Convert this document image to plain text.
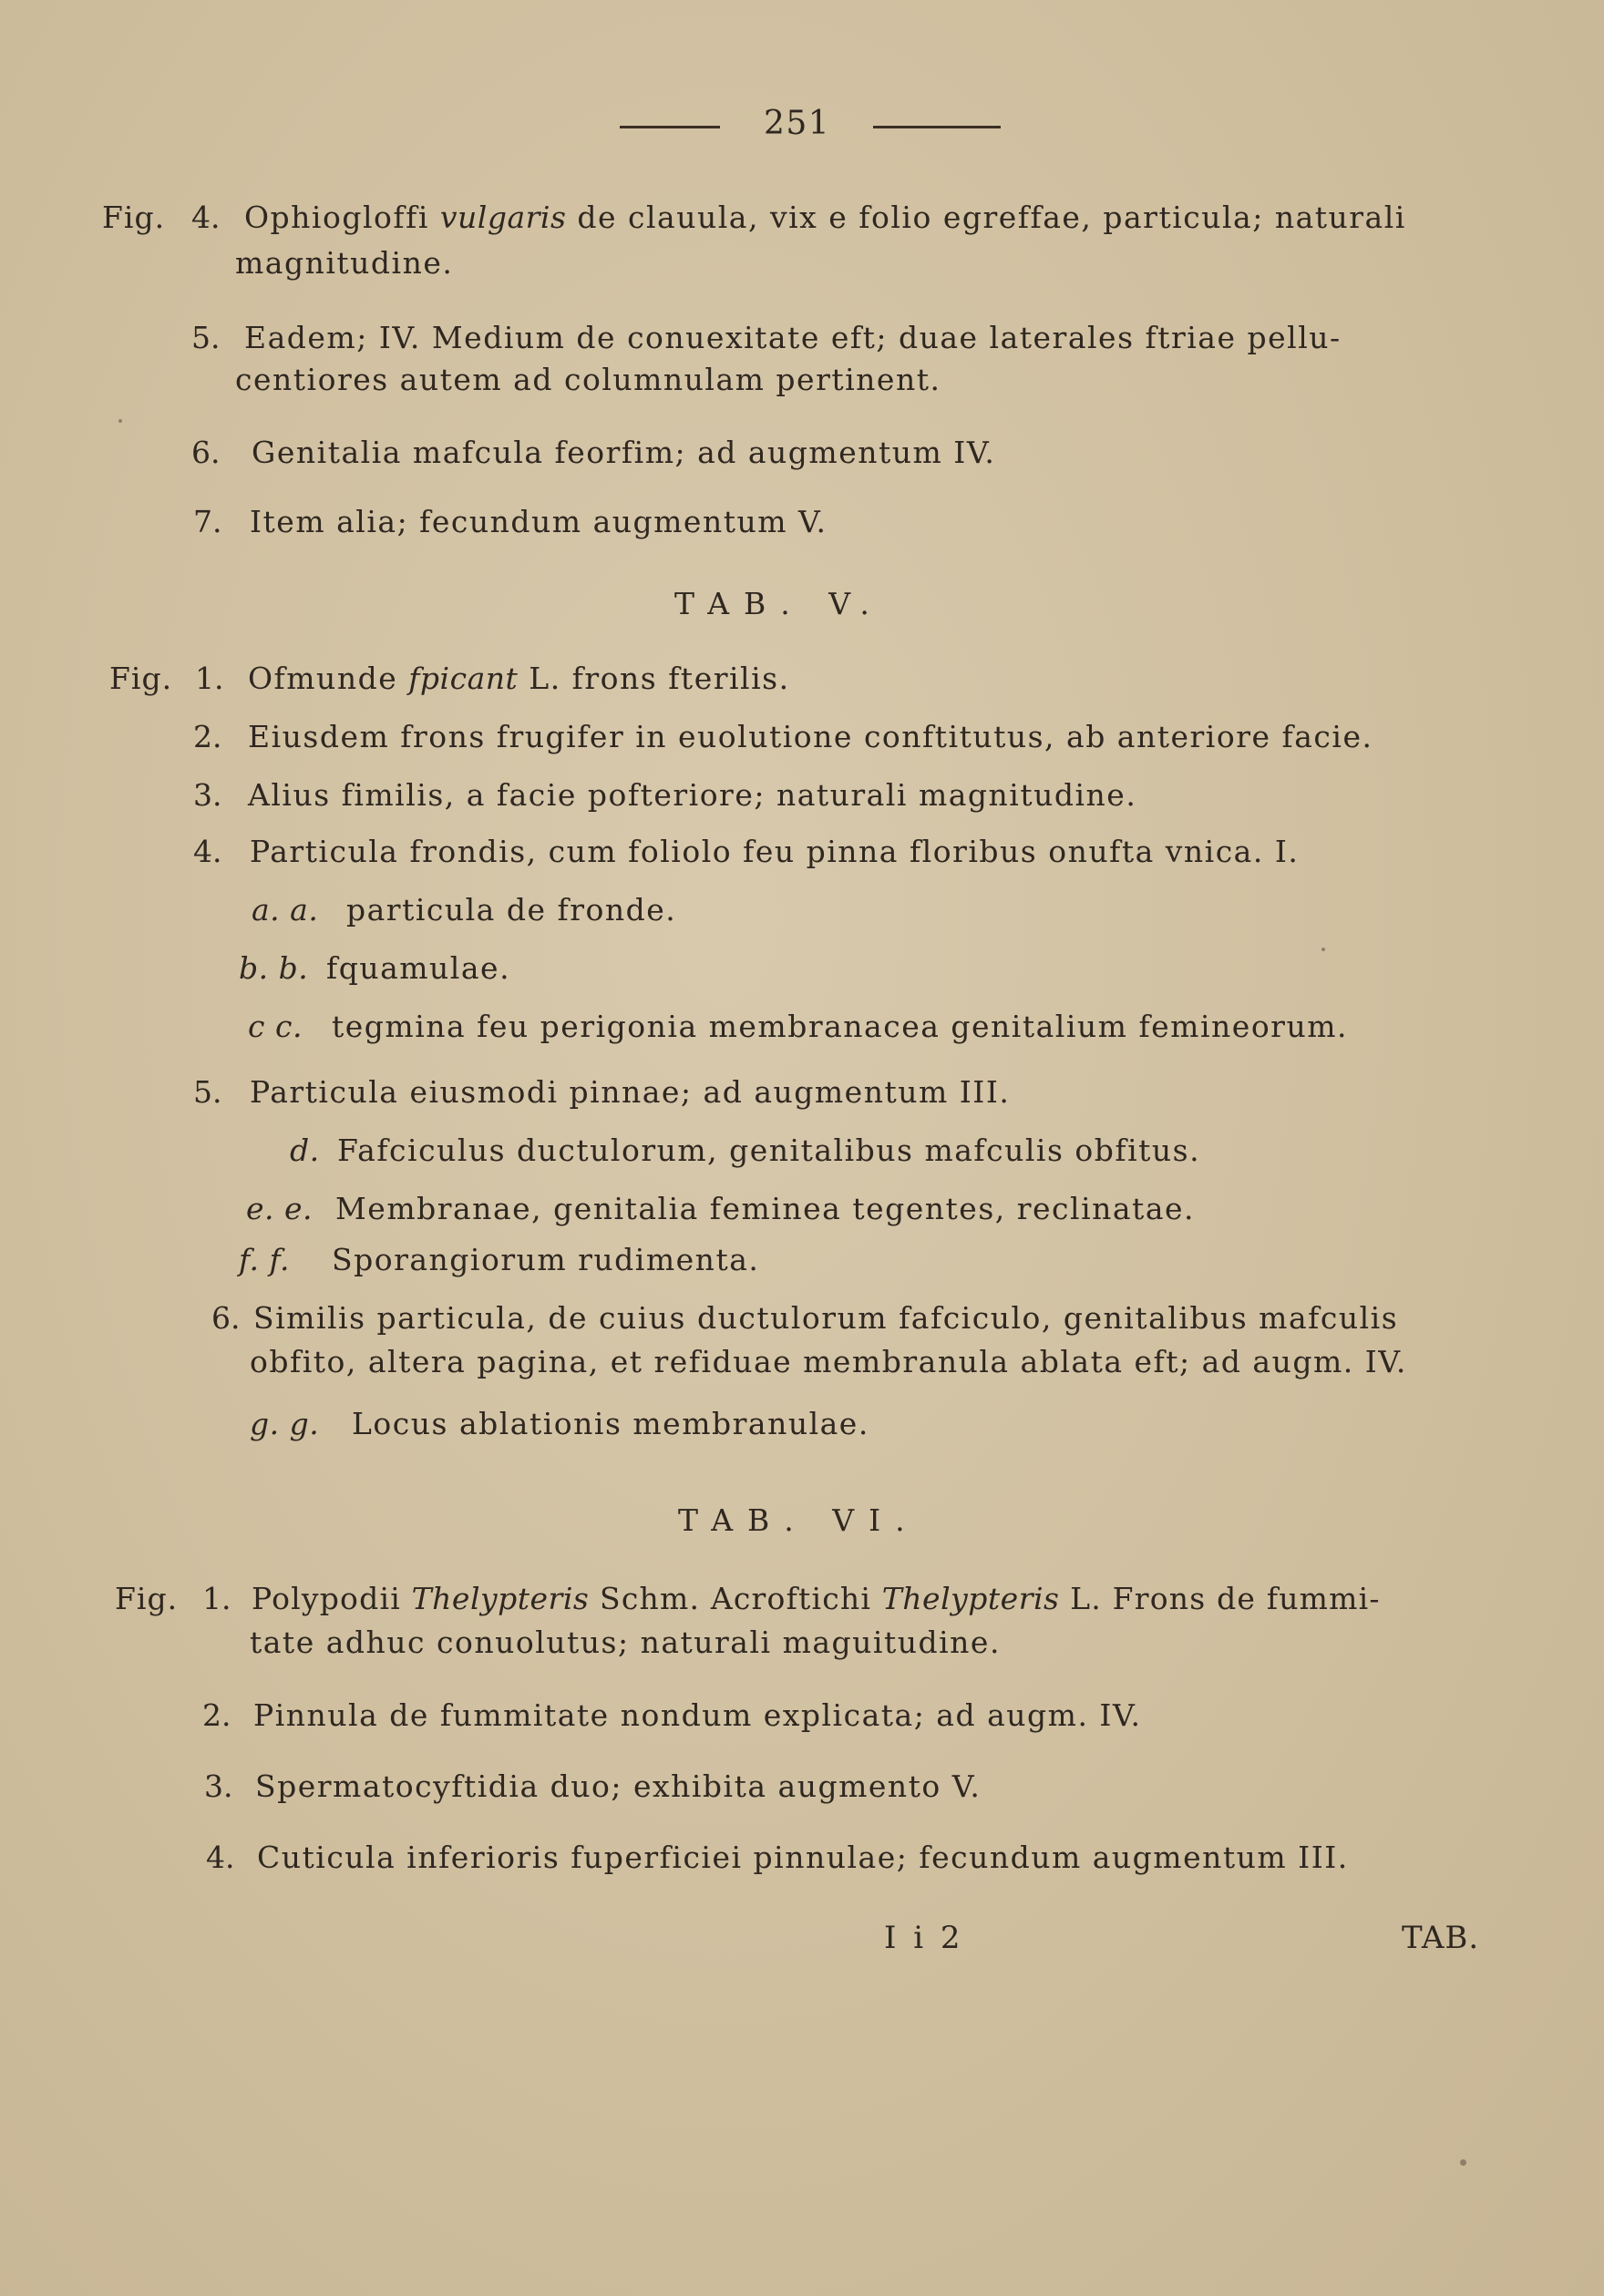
251
Fig. 4. Ophiogloffi vulgaris de clauula, vix e folio egreffae, particula; naturali
magnitudine.
5. Eadem; IV. Medium de conuexitate eft; duae laterales ftriae pellu-
centiores autem ad columnulam pertinent.
6. Genitalia mafcula feorfim; ad augmentum IV.
7. Item alia; fecundum augmentum V.
TAB. V.
Fig. 1. Ofmunde fpicant L. frons fterilis.
2. Eiusdem frons frugifer in euolutione conftitutus, ab anteriore facie.
3. Alius fimilis, a facie pofteriore; naturali magnitudine.
4. Particula frondis, cum foliolo feu pinna floribus onufta vnica. I.
a. a. particula de fronde.
b. b. fquamulae.
c c. tegmina feu perigonia membranacea genitalium femineorum.
5. Particula eiusmodi pinnae; ad augmentum III.
d. Fafciculus ductulorum, genitalibus mafculis obfitus.
e. e. Membranae, genitalia feminea tegentes, reclinatae.
f. f. Sporangiorum rudimenta.
6. Similis particula, de cuius ductulorum fafciculo, genitalibus mafculis
obfito, altera pagina, et refiduae membranula ablata eft; ad augm. IV.
g. g. Locus ablationis membranulae.
TAB. VI.
Fig. 1. Polypodii Thelypteris Schm. Acroftichi Thelypteris L. Frons de fummi-
tate adhuc conuolutus; naturali maguitudine.
2. Pinnula de fummitate nondum explicata; ad augm. IV.
3. Spermatocyftidia duo; exhibita augmento V.
4. Cuticula inferioris fuperficiei pinnulae; fecundum augmentum III.
I i 2	TAB.
